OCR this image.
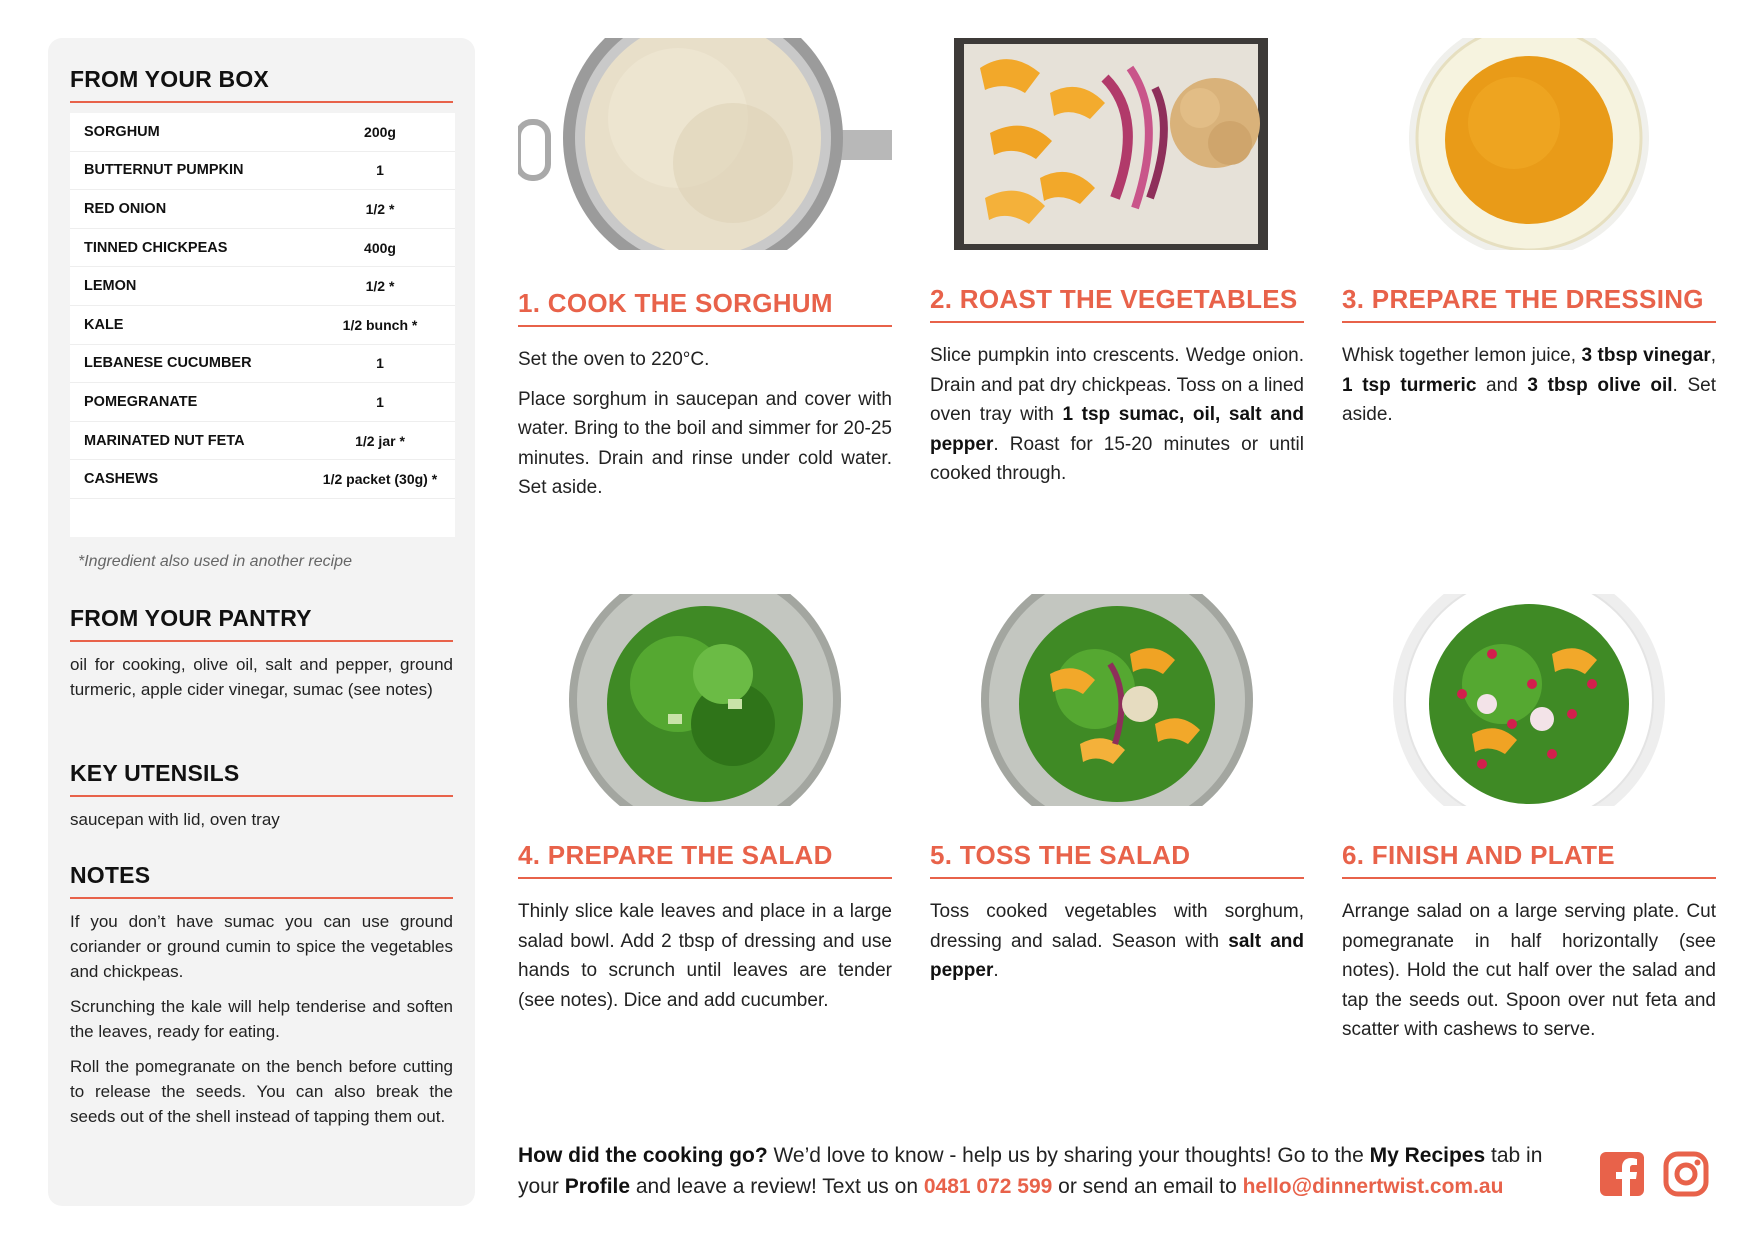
FROM YOUR BOX
SORGHUM	200g
BUTTERNUT PUMPKIN	1
RED ONION	1/2 *
TINNED CHICKPEAS	400g
LEMON	1/2 *
KALE	1/2 bunch *
LEBANESE CUCUMBER	1
POMEGRANATE	1
MARINATED NUT FETA	1/2 jar *
CASHEWS	1/2 packet (30g) *
*Ingredient also used in another recipe
FROM YOUR PANTRY
oil for cooking, olive oil, salt and pepper, ground turmeric, apple cider vinegar, sumac (see notes)
KEY UTENSILS
saucepan with lid, oven tray
NOTES

If you don’t have sumac you can use ground coriander or ground cumin to spice the vegetables and chickpeas.

Scrunching the kale will help tenderise and soften the leaves, ready for eating.

Roll the pomegranate on the bench before cutting to release the seeds. You can also break the seeds out of the shell instead of tapping them out.

1. COOK THE SORGHUM

Set the oven to 220°C.

Place sorghum in saucepan and cover with water. Bring to the boil and simmer for 20-25 minutes. Drain and rinse under cold water. Set aside.

2. ROAST THE VEGETABLES

Slice pumpkin into crescents. Wedge onion. Drain and pat dry chickpeas. Toss on a lined oven tray with 1 tsp sumac, oil, salt and pepper. Roast for 15-20 minutes or until cooked through.

3. PREPARE THE DRESSING

Whisk together lemon juice, 3 tbsp vinegar, 1 tsp turmeric and 3 tbsp olive oil. Set aside.

4. PREPARE THE SALAD

Thinly slice kale leaves and place in a large salad bowl. Add 2 tbsp of dressing and use hands to scrunch until leaves are tender (see notes). Dice and add cucumber.

5. TOSS THE SALAD

Toss cooked vegetables with sorghum, dressing and salad. Season with salt and pepper.

6. FINISH AND PLATE

Arrange salad on a large serving plate. Cut pomegranate in half horizontally (see notes). Hold the cut half over the salad and tap the seeds out. Spoon over nut feta and scatter with cashews to serve.

How did the cooking go? We’d love to know - help us by sharing your thoughts! Go to the My Recipes tab in your Profile and leave a review! Text us on 0481 072 599 or send an email to hello@dinnertwist.com.au
